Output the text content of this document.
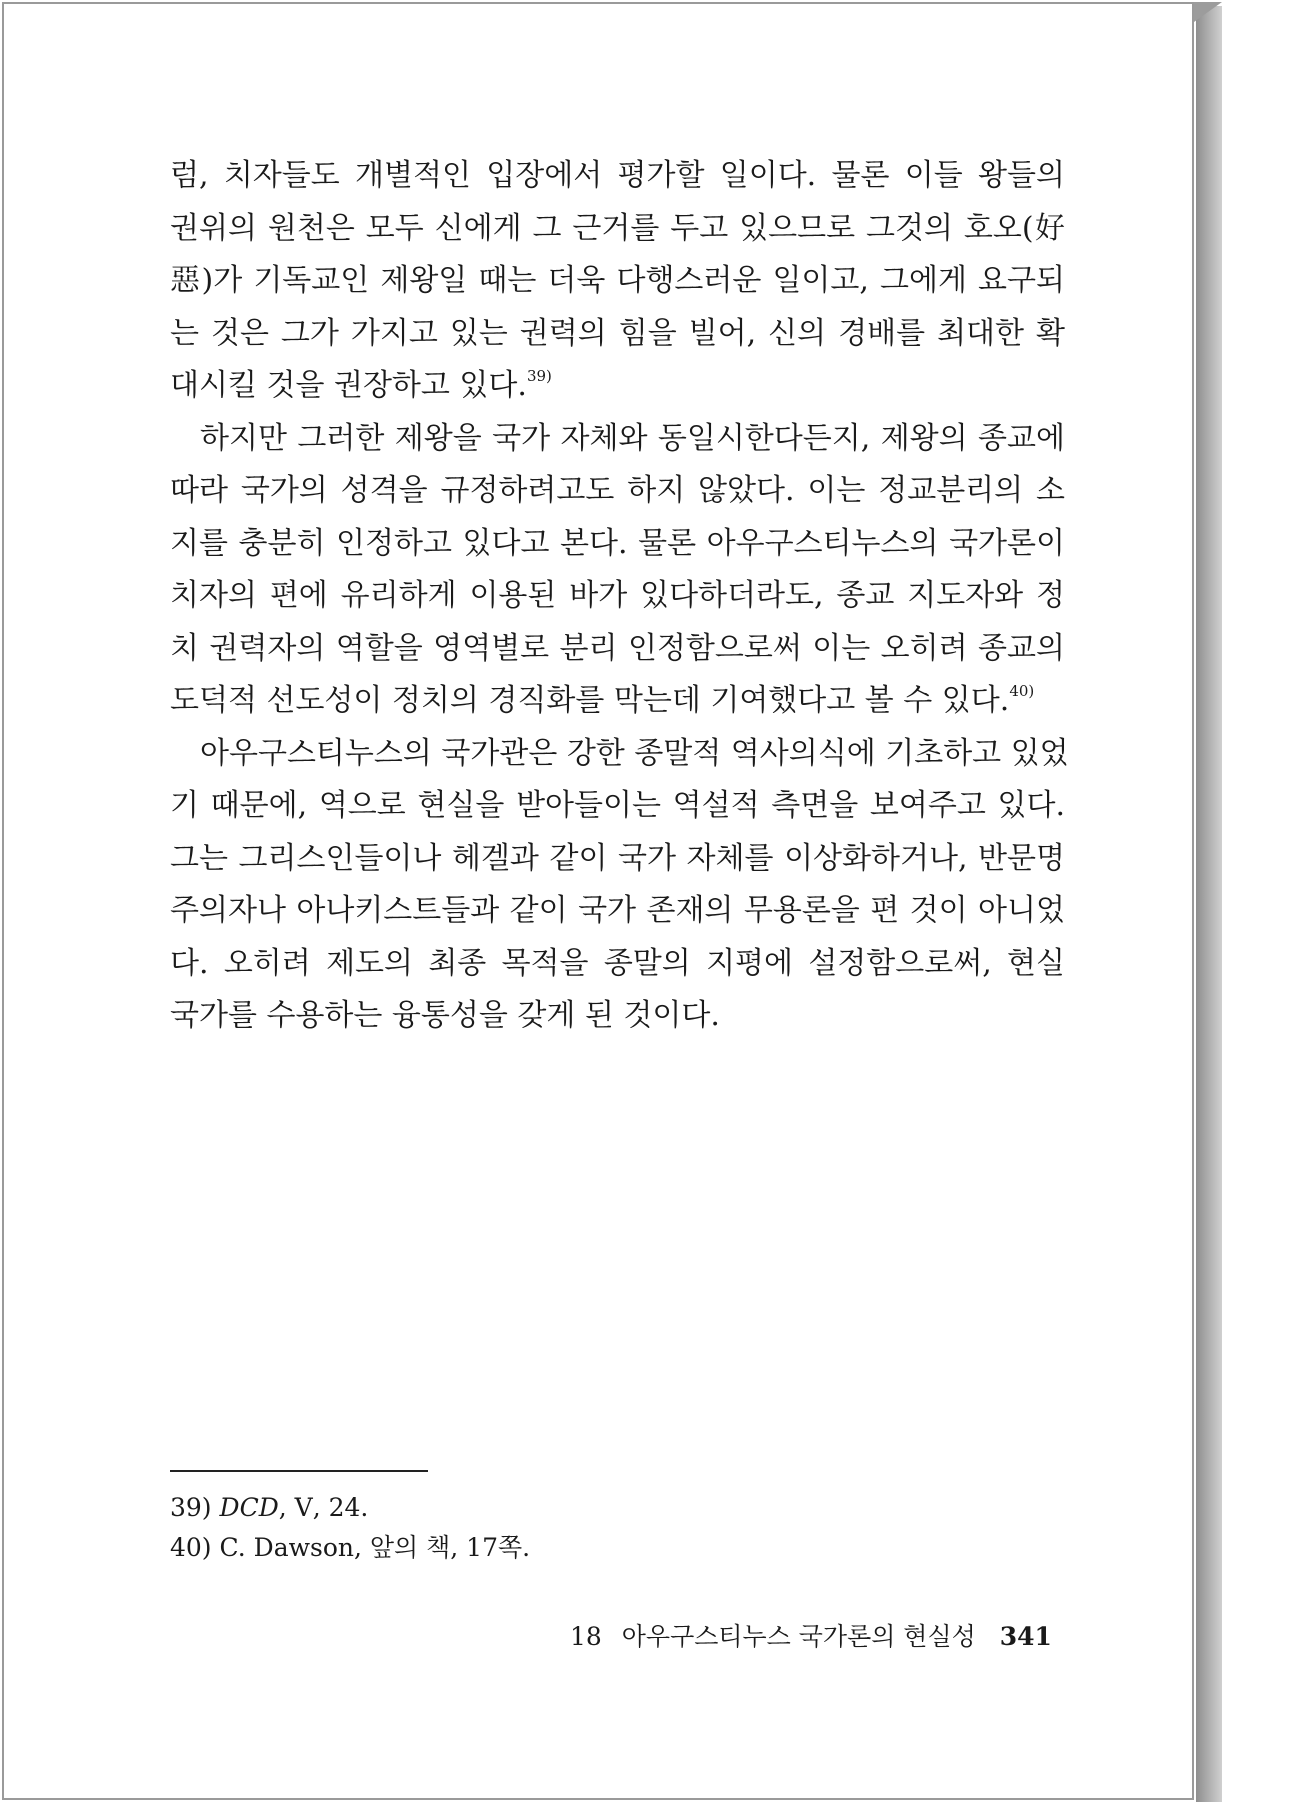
럼, 치자들도 개별적인 입장에서 평가할 일이다. 물론 이들 왕들의
권위의 원천은 모두 신에게 그 근거를 두고 있으므로 그것의 호오(好
惡)가 기독교인 제왕일 때는 더욱 다행스러운 일이고, 그에게 요구되
는 것은 그가 가지고 있는 권력의 힘을 빌어, 신의 경배를 최대한 확
대시킬 것을 권장하고 있다.$^{39)}$
하지만 그러한 제왕을 국가 자체와 동일시한다든지, 제왕의 종교에
따라 국가의 성격을 규정하려고도 하지 않았다. 이는 정교분리의 소
지를 충분히 인정하고 있다고 본다. 물론 아우구스티누스의 국가론이
치자의 편에 유리하게 이용된 바가 있다하더라도, 종교 지도자와 정
치 권력자의 역할을 영역별로 분리 인정함으로써 이는 오히려 종교의
도덕적 선도성이 정치의 경직화를 막는데 기여했다고 볼 수 있다.$^{40)}$
아우구스티누스의 국가관은 강한 종말적 역사의식에 기초하고 있었
기 때문에, 역으로 현실을 받아들이는 역설적 측면을 보여주고 있다.
그는 그리스인들이나 헤겔과 같이 국가 자체를 이상화하거나, 반문명
주의자나 아나키스트들과 같이 국가 존재의 무용론을 편 것이 아니었
다. 오히려 제도의 최종 목적을 종말의 지평에 설정함으로써, 현실
국가를 수용하는 융통성을 갖게 된 것이다.
39) DCD, Ⅴ, 24.
40) C. Dawson, 앞의 책, 17쪽.
18 아우구스티누스 국가론의 현실성 341
